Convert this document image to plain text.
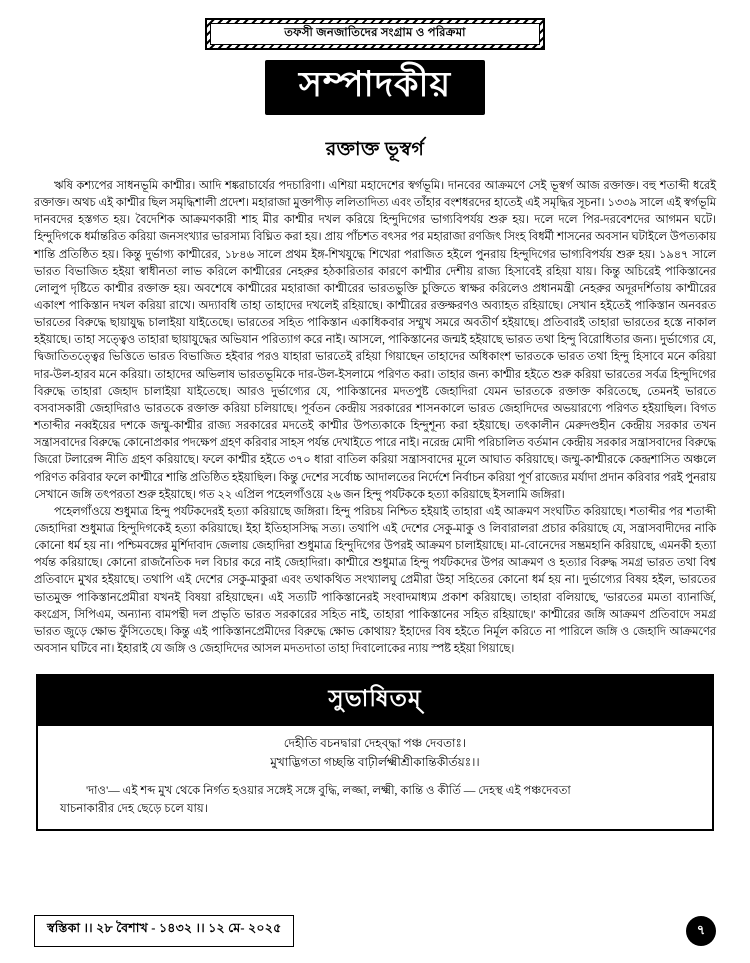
তফসী জনজাতিদের সংগ্রাম ও পরিক্রমা
সম্পাদকীয়
রক্তাক্ত ভূস্বর্গ

ঋষি কশ্যপের সাধনভূমি কাশ্মীর। আদি শঙ্করাচার্যের পদচারিণা। এশিয়া মহাদেশের স্বর্গভূমি। দানবের আক্রমণে সেই ভূস্বর্গ আজ রক্তাক্ত। বহু শতাব্দী ধরেই রক্তাক্ত। অথচ এই কাশ্মীর ছিল সমৃদ্ধিশালী প্রদেশ। মহারাজা মুক্তাপীড় ললিতাদিত্য এবং তাঁহার বংশধরদের হাতেই এই সমৃদ্ধির সূচনা। ১৩৩৯ সালে এই স্বর্গভূমি দানবদের হস্তগত হয়। বৈদেশিক আক্রমণকারী শাহ মীর কাশ্মীর দখল করিয়ে হিন্দুদিগের ভাগ্যবিপর্যয় শুরু হয়। দলে দলে পির-দরবেশদের আগমন ঘটে। হিন্দুদিগকে ধর্মান্তরিত করিয়া জনসংখ্যার ভারসাম্য বিঘ্নিত করা হয়। প্রায় পাঁচশত বৎসর পর মহারাজা রণজিৎ সিংহ বিধর্মী শাসনের অবসান ঘটাইলে উপত্যকায় শান্তি প্রতিষ্ঠিত হয়। কিন্তু দুর্ভাগ্য কাশ্মীরের, ১৮৪৬ সালে প্রথম ইঙ্গ-শিখযুদ্ধে শিখেরা পরাজিত হইলে পুনরায় হিন্দুদিগের ভাগ্যবিপর্যয় শুরু হয়। ১৯৪৭ সালে ভারত বিভাজিত হইয়া স্বাধীনতা লাভ করিলে কাশ্মীরের নেহরুর হঠকারিতার কারণে কাশ্মীর দেশীয় রাজ্য হিসাবেই রহিয়া যায়। কিন্তু অচিরেই পাকিস্তানের লোলুপ দৃষ্টিতে কাশ্মীর রক্তাক্ত হয়। অবশেষে কাশ্মীরের মহারাজা কাশ্মীরের ভারতভুক্তি চুক্তিতে স্বাক্ষর করিলেও প্রধানমন্ত্রী নেহরুর অদূরদর্শিতায় কাশ্মীরের একাংশ পাকিস্তান দখল করিয়া রাখে। অদ্যাবধি তাহা তাহাদের দখলেই রহিয়াছে। কাশ্মীরের রক্তক্ষরণও অব্যাহত রহিয়াছে। সেখান হইতেই পাকিস্তান অনবরত ভারতের বিরুদ্ধে ছায়াযুদ্ধ চালাইয়া যাইতেছে। ভারতের সহিত পাকিস্তান একাধিকবার সম্মুখ সমরে অবতীর্ণ হইয়াছে। প্রতিবারই তাহারা ভারতের হস্তে নাকাল হইয়াছে। তাহা সত্ত্বেও তাহারা ছায়াযুদ্ধের অভিযান পরিত্যাগ করে নাই। আসলে, পাকিস্তানের জন্মই হইয়াছে ভারত তথা হিন্দু বিরোধিতার জন্য। দুর্ভাগ্যের যে, দ্বিজাতিতত্ত্বের ভিত্তিতে ভারত বিভাজিত হইবার পরও যাহারা ভারতেই রহিয়া গিয়াছেন তাহাদের অধিকাংশ ভারতকে ভারত তথা হিন্দু হিসাবে মনে করিয়া দার-উল-হারব মনে করিয়া। তাহাদের অভিলাষ ভারতভূমিকে দার-উল-ইসলামে পরিণত করা। তাহার জন্য কাশ্মীর হইতে শুরু করিয়া ভারতের সর্বত্র হিন্দুদিগের বিরুদ্ধে তাহারা জেহাদ চালাইয়া যাইতেছে। আরও দুর্ভাগ্যের যে, পাকিস্তানের মদতপুষ্ট জেহাদিরা যেমন ভারতকে রক্তাক্ত করিতেছে, তেমনই ভারতে বসবাসকারী জেহাদিরাও ভারতকে রক্তাক্ত করিয়া চলিয়াছে। পূর্বতন কেন্দ্রীয় সরকারের শাসনকালে ভারত জেহাদিদের অভয়ারণ্যে পরিণত হইয়াছিল। বিগত শতাব্দীর নব্বইয়ের দশকে জম্মু-কাশ্মীর রাজ্য সরকারের মদতেই কাশ্মীর উপত্যকাকে হিন্দুশূন্য করা হইয়াছে। তৎকালীন মেরুদণ্ডহীন কেন্দ্রীয় সরকার তখন সন্ত্রাসবাদের বিরুদ্ধে কোনোপ্রকার পদক্ষেপ গ্রহণ করিবার সাহস পর্যন্ত দেখাইতে পারে নাই। নরেন্দ্র মোদী পরিচালিত বর্তমান কেন্দ্রীয় সরকার সন্ত্রাসবাদের বিরুদ্ধে জিরো টলারেন্স নীতি গ্রহণ করিয়াছে। ফলে কাশ্মীর হইতে ৩৭০ ধারা বাতিল করিয়া সন্ত্রাসবাদের মূলে আঘাত করিয়াছে। জম্মু-কাশ্মীরকে কেন্দ্রশাসিত অঞ্চলে পরিণত করিবার ফলে কাশ্মীরে শান্তি প্রতিষ্ঠিত হইয়াছিল। কিন্তু দেশের সর্বোচ্চ আদালতের নির্দেশে নির্বাচন করিয়া পূর্ণ রাজ্যের মর্যাদা প্রদান করিবার পরই পুনরায় সেখানে জঙ্গি তৎপরতা শুরু হইয়াছে। গত ২২ এপ্রিল পহেলগাঁওয়ে ২৬ জন হিন্দু পর্যটককে হত্যা করিয়াছে ইসলামি জঙ্গিরা।

পহেলগাঁওয়ে শুধুমাত্র হিন্দু পর্যটকদেরই হত্যা করিয়াছে জঙ্গিরা। হিন্দু পরিচয় নিশ্চিত হইয়াই তাহারা এই আক্রমণ সংঘটিত করিয়াছে। শতাব্দীর পর শতাব্দী জেহাদিরা শুধুমাত্র হিন্দুদিগকেই হত্যা করিয়াছে। ইহা ইতিহাসসিদ্ধ সত্য। তথাপি এই দেশের সেকু-মাকু ও লিবারালরা প্রচার করিয়াছে যে, সন্ত্রাসবাদীদের নাকি কোনো ধর্ম হয় না। পশ্চিমবঙ্গের মুর্শিদাবাদ জেলায় জেহাদিরা শুধুমাত্র হিন্দুদিগের উপরই আক্রমণ চালাইয়াছে। মা-বোনেদের সম্ভ্রমহানি করিয়াছে, এমনকী হত্যা পর্যন্ত করিয়াছে। কোনো রাজনৈতিক দল বিচার করে নাই জেহাদিরা। কাশ্মীরে শুধুমাত্র হিন্দু পর্যটকদের উপর আক্রমণ ও হত্যার বিরুদ্ধ সমগ্র ভারত তথা বিশ্ব প্রতিবাদে মুখর হইয়াছে। তথাপি এই দেশের সেকু-মাকুরা এবং তথাকথিত সংখ্যালঘু প্রেমীরা উহা সহিতের কোনো ধর্ম হয় না। দুর্ভাগ্যের বিষয় হইল, ভারতের ভাতমুক্ত পাকিস্তানপ্রেমীরা যখনই বিষয়া রহিয়াছেন। এই সত্যটি পাকিস্তানেরই সংবাদমাধ্যম প্রকাশ করিয়াছে। তাহারা বলিয়াছে, 'ভারতের মমতা ব্যানার্জি, কংগ্রেস, সিপিএম, অন্যান্য বামপন্থী দল প্রভৃতি ভারত সরকারের সহিত নাই, তাহারা পাকিস্তানের সহিত রহিয়াছে।' কাশ্মীরের জঙ্গি আক্রমণ প্রতিবাদে সমগ্র ভারত জুড়ে ক্ষোভ ফুঁসিতেছে। কিন্তু এই পাকিস্তানপ্রেমীদের বিরুদ্ধে ক্ষোভ কোথায়? ইহাদের বিষ হইতে নির্মূল করিতে না পারিলে জঙ্গি ও জেহাদি আক্রমণের অবসান ঘটিবে না। ইহারাই যে জঙ্গি ও জেহাদিদের আসল মদতদাতা তাহা দিবালোকের ন্যায় স্পষ্ট হইয়া গিয়াছে।

সুভাষিতম্
দেহীতি বচনদ্বারা দেহব্দ্ধা পঞ্চ দেবতাঃ।
মুখাদ্ভিগতা গচ্ছন্তি বাঢ়ীর্লক্ষ্মীশ্রীকান্তিকীর্তয়ঃ।।
'দাও'— এই শব্দ মুখ থেকে নির্গত হওয়ার সঙ্গেই সঙ্গে বুদ্ধি, লজ্জা, লক্ষ্মী, কান্তি ও কীর্তি — দেহস্থ এই পঞ্চদেবতা
যাচনাকারীর দেহ ছেড়ে চলে যায়।
স্বস্তিকা ।। ২৮ বৈশাখ - ১৪৩২ ।। ১২ মে- ২০২৫	৭
